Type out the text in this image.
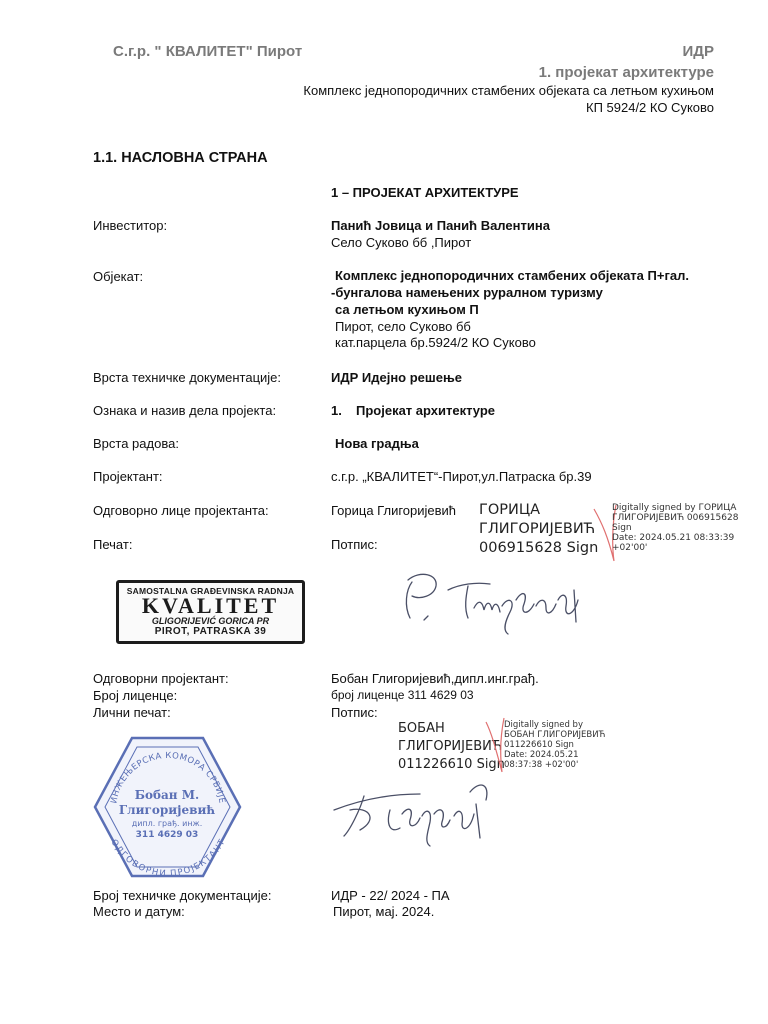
С.г.р. " КВАЛИТЕТ" Пирот	ИДР
1. пројекат архитектуре
Комплекс једнопородичних стамбених објеката са летњом кухињом
КП 5924/2 КО Суково
1.1. НАСЛОВНА СТРАНА
1 – ПРОЈЕКАТ АРХИТЕКТУРЕ
Инвеститор:	Панић Јовица и Панић Валентина
Село Суково бб ,Пирот
Објекат:	Комплекс једнопородичних стамбених објеката П+гал.
-бунгалова намењених руралном туризму
са летњом кухињом П
Пирот, село Суково бб
кат.парцела бр.5924/2 КО Суково
Врста техничке документације:	ИДР Идејно решење
Ознака и назив дела пројекта:	1. Пројекат архитектуре
Врста радова:	Нова градња
Пројектант:	с.г.р. „КВАЛИТЕТ“-Пирот,ул.Патраска бр.39
Одговорно лице пројектанта:	Горица Глигоријевић ГОРИЦА
ГЛИГОРИЈЕВИЋ
006915628 Sign
Digitally signed by ГОРИЦА
ГЛИГОРИЈЕВИЋ 006915628
Sign
Date: 2024.05.21 08:33:39
+02'00'
Печат:	Потпис:
SAMOSTALNA GRAĐEVINSKA RADNJA
KVALITET
GLIGORIJEVIĆ GORICA PR
PIROT, PATRASKA 39
Одговорни пројектант:	Бобан Глигоријевић,дипл.инг.грађ.
Број лиценце:	број лиценце 311 4629 03
Лични печат:	Потпис:
БОБАН
ГЛИГОРИЈЕВИЋ
011226610 Sign
Digitally signed by
БОБАН ГЛИГОРИЈЕВИЋ
011226610 Sign
Date: 2024.05.21
08:37:38 +02'00'
ИНЖЕЊЕРСКА КОМОРА СРБИЈЕ
ОДГОВОРНИ ПРОЈЕКТАНТ
Бобан М.
Глигоријевић
дипл. грађ. инж.
311 4629 03
Број техничке документације:	ИДР - 22/ 2024 - ПА
Место и датум:	Пирот, мај. 2024.
